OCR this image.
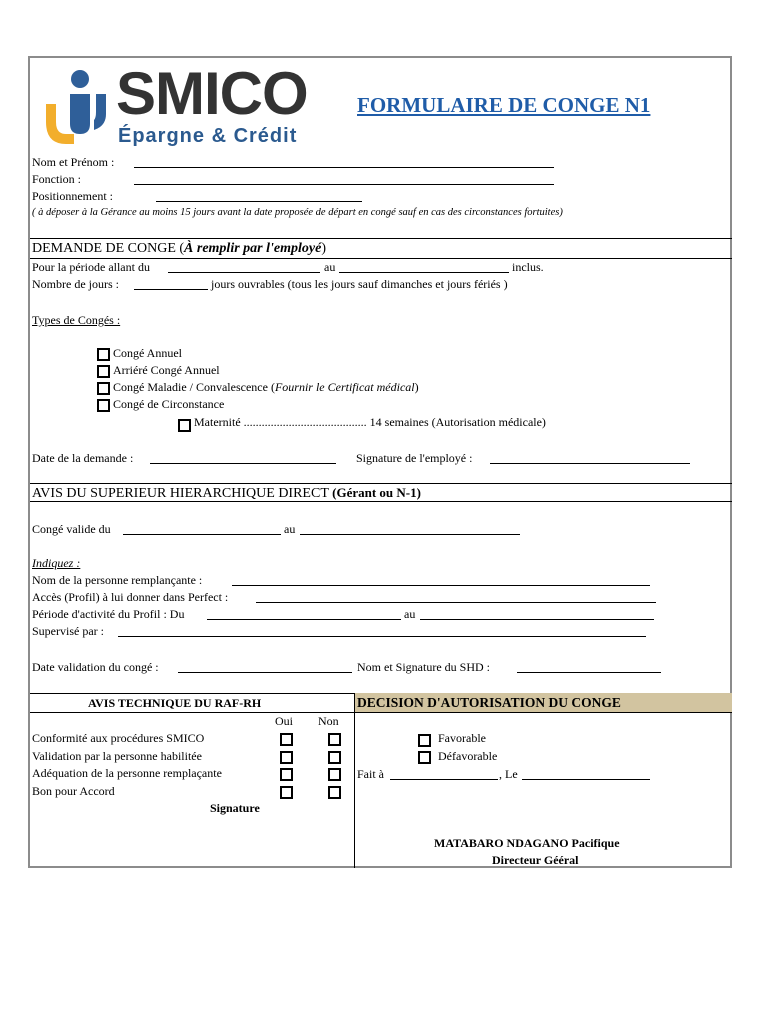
SMICO
Épargne & Crédit
FORMULAIRE DE CONGE N1
Nom et Prénom :
Fonction :
Positionnement :
( à déposer à la Gérance au moins 15 jours avant la date proposée de départ en congé sauf en cas des circonstances fortuites)
DEMANDE DE CONGE (À remplir par l'employé)
Pour la période allant du	au	inclus.
Nombre de jours :	jours ouvrables (tous les jours sauf dimanches et jours fériés )
Types de Congés :
Congé Annuel
Arriéré Congé Annuel
Congé Maladie / Convalescence (Fournir le Certificat médical)
Congé de Circonstance
Maternité ......................................... 14 semaines (Autorisation médicale)
Date de la demande :	Signature de l'employé :
AVIS DU SUPERIEUR HIERARCHIQUE DIRECT (Gérant ou N-1)
Congé valide du	au
Indiquez :
Nom de la personne remplançante :
Accès (Profil) à lui donner dans Perfect :
Période d'activité du Profil : Du	au
Supervisé par :
Date validation du congé :	Nom et Signature du SHD :
AVIS TECHNIQUE DU RAF-RH	DECISION D'AUTORISATION DU CONGE
Oui Non
Conformité aux procédures SMICO
Validation par la personne habilitée
Adéquation de la personne remplaçante
Bon pour Accord
Signature
Favorable
Défavorable
Fait à	, Le
MATABARO NDAGANO Pacifique
Directeur Gééral
